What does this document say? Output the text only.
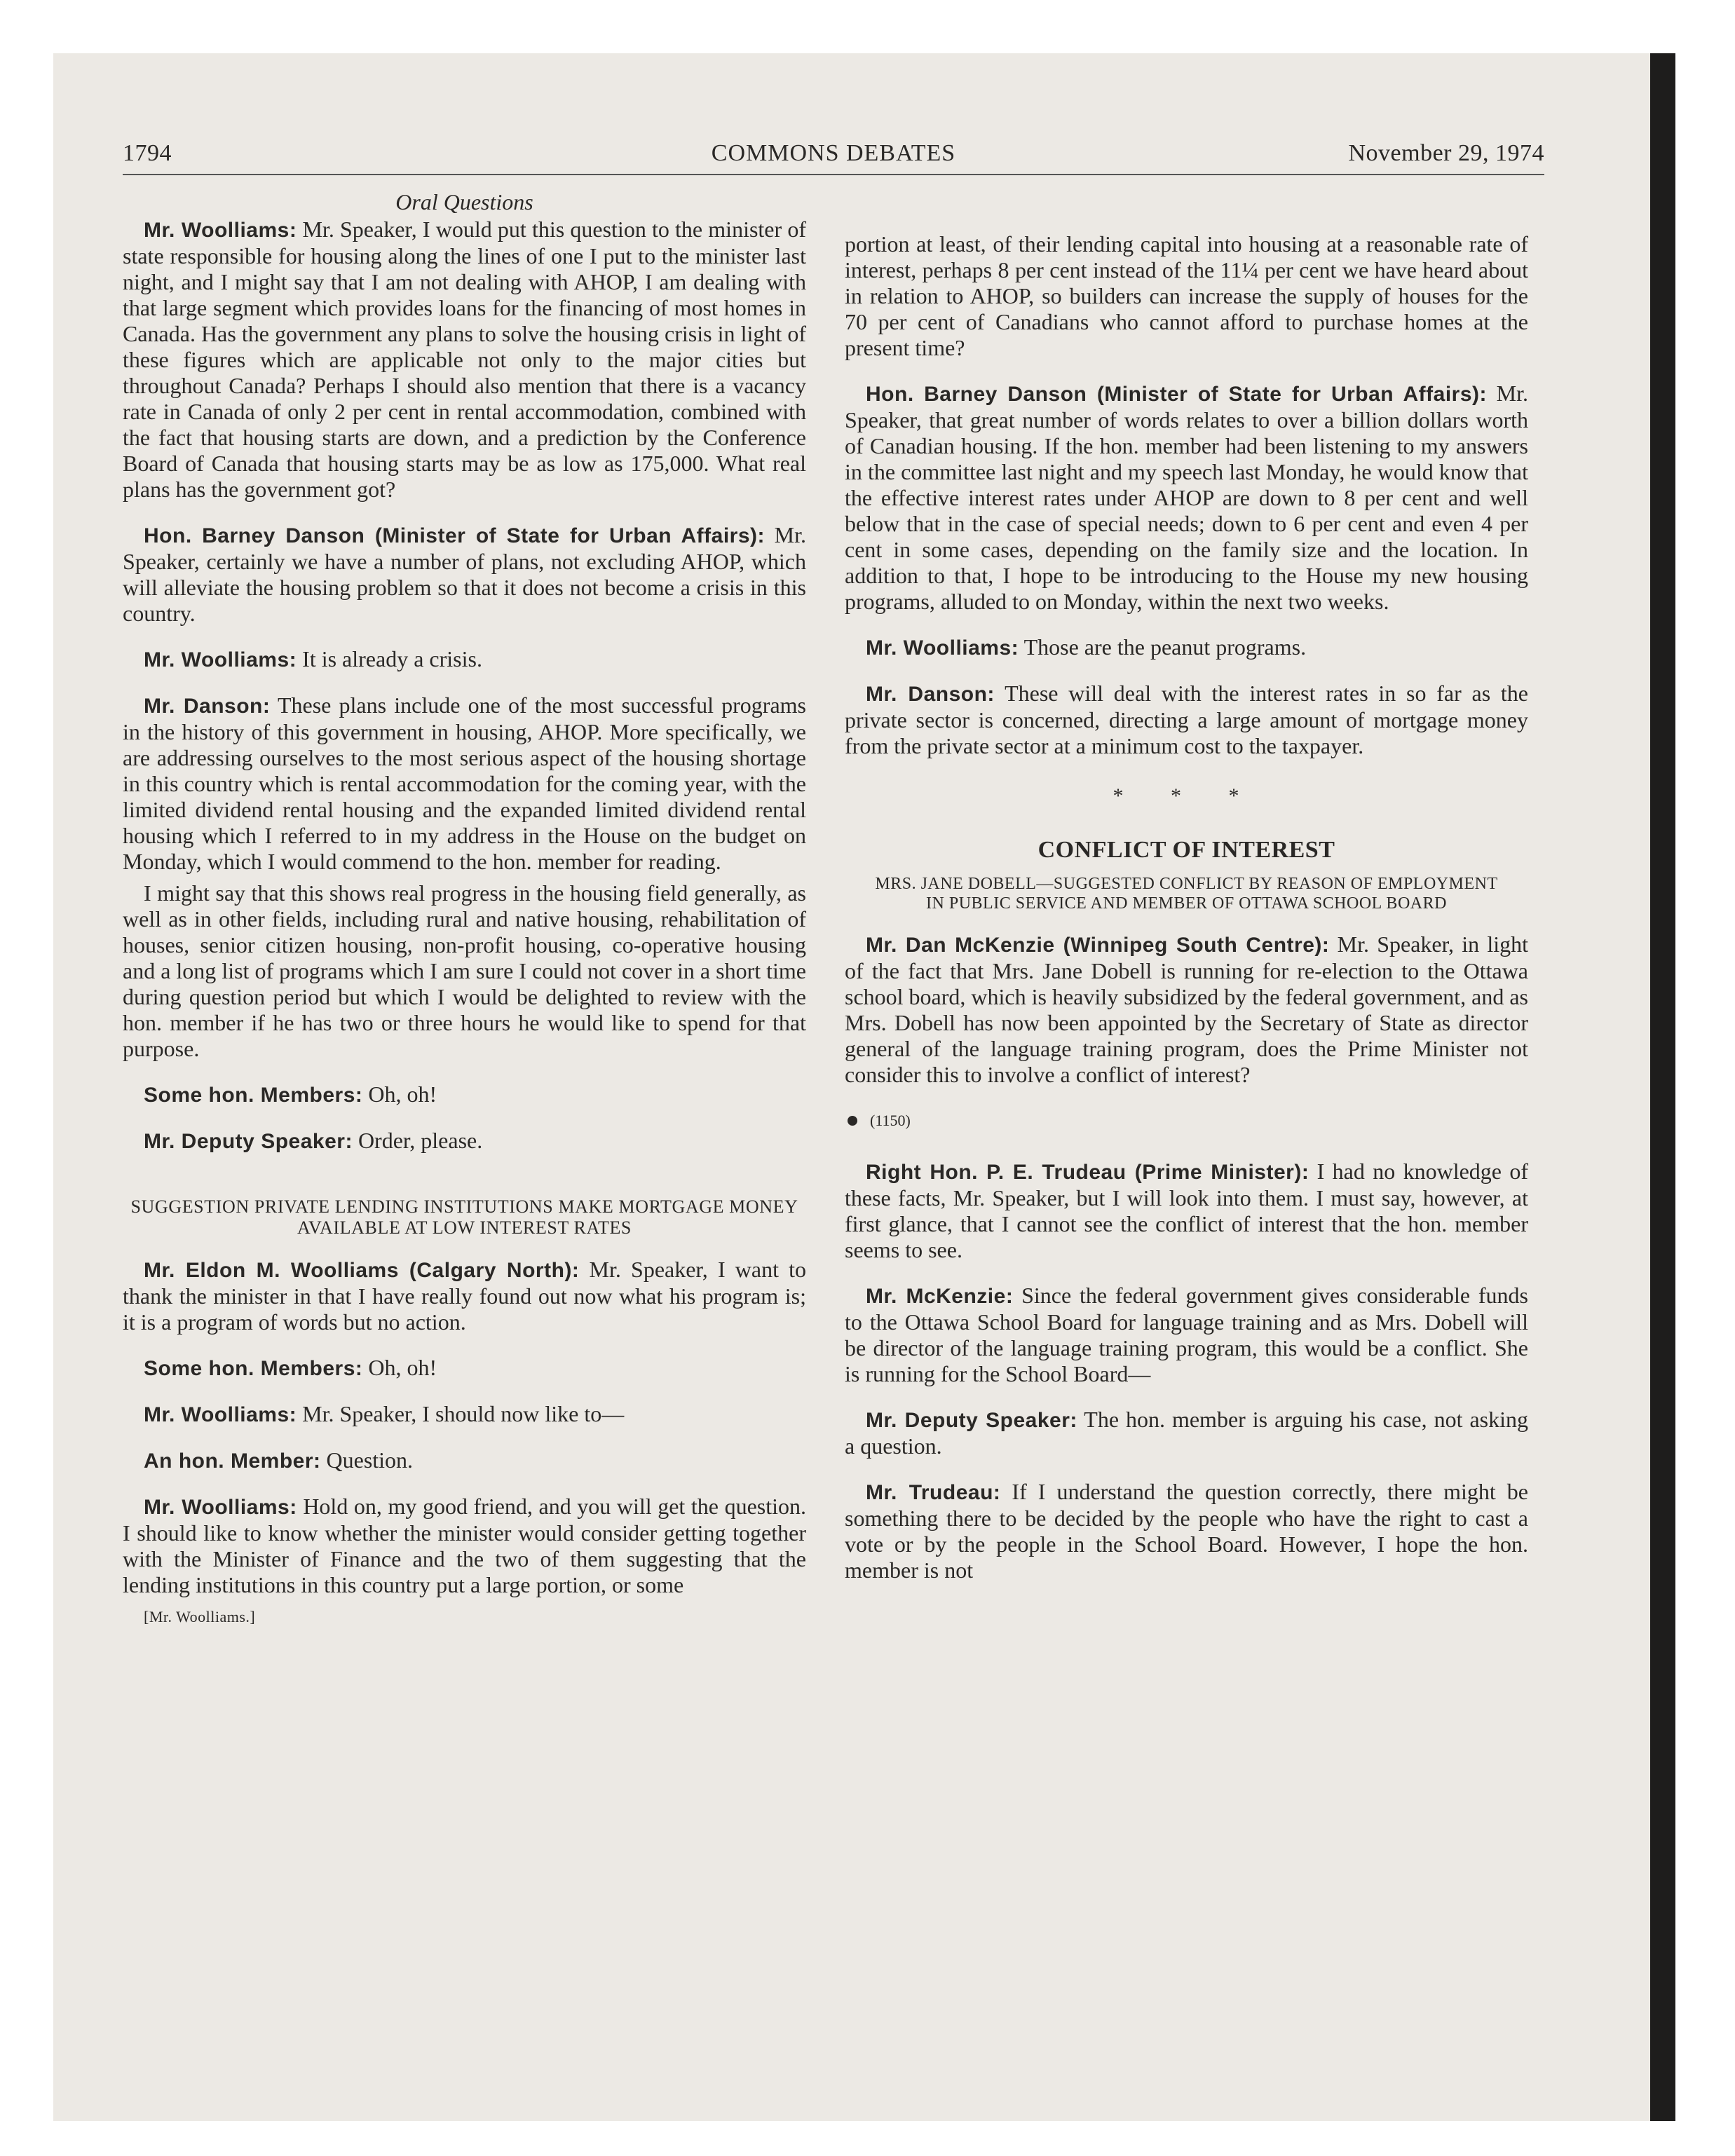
1794	COMMONS DEBATES	November 29, 1974
Oral Questions

Mr. Woolliams: Mr. Speaker, I would put this question to the minister of state responsible for housing along the lines of one I put to the minister last night, and I might say that I am not dealing with AHOP, I am dealing with that large segment which provides loans for the financing of most homes in Canada. Has the government any plans to solve the housing crisis in light of these figures which are applicable not only to the major cities but throughout Canada? Perhaps I should also mention that there is a vacancy rate in Canada of only 2 per cent in rental accommodation, combined with the fact that housing starts are down, and a prediction by the Conference Board of Canada that housing starts may be as low as 175,000. What real plans has the government got?

Hon. Barney Danson (Minister of State for Urban Affairs): Mr. Speaker, certainly we have a number of plans, not excluding AHOP, which will alleviate the housing problem so that it does not become a crisis in this country.

Mr. Woolliams: It is already a crisis.

Mr. Danson: These plans include one of the most successful programs in the history of this government in housing, AHOP. More specifically, we are addressing ourselves to the most serious aspect of the housing shortage in this country which is rental accommodation for the coming year, with the limited dividend rental housing and the expanded limited dividend rental housing which I referred to in my address in the House on the budget on Monday, which I would commend to the hon. member for reading.

I might say that this shows real progress in the housing field generally, as well as in other fields, including rural and native housing, rehabilitation of houses, senior citizen housing, non-profit housing, co-operative housing and a long list of programs which I am sure I could not cover in a short time during question period but which I would be delighted to review with the hon. member if he has two or three hours he would like to spend for that purpose.

Some hon. Members: Oh, oh!

Mr. Deputy Speaker: Order, please.

SUGGESTION PRIVATE LENDING INSTITUTIONS MAKE MORTGAGE MONEY AVAILABLE AT LOW INTEREST RATES

Mr. Eldon M. Woolliams (Calgary North): Mr. Speaker, I want to thank the minister in that I have really found out now what his program is; it is a program of words but no action.

Some hon. Members: Oh, oh!

Mr. Woolliams: Mr. Speaker, I should now like to—

An hon. Member: Question.

Mr. Woolliams: Hold on, my good friend, and you will get the question. I should like to know whether the minister would consider getting together with the Minister of Finance and the two of them suggesting that the lending institutions in this country put a large portion, or some

[Mr. Woolliams.]

portion at least, of their lending capital into housing at a reasonable rate of interest, perhaps 8 per cent instead of the 11¼ per cent we have heard about in relation to AHOP, so builders can increase the supply of houses for the 70 per cent of Canadians who cannot afford to purchase homes at the present time?

Hon. Barney Danson (Minister of State for Urban Affairs): Mr. Speaker, that great number of words relates to over a billion dollars worth of Canadian housing. If the hon. member had been listening to my answers in the committee last night and my speech last Monday, he would know that the effective interest rates under AHOP are down to 8 per cent and well below that in the case of special needs; down to 6 per cent and even 4 per cent in some cases, depending on the family size and the location. In addition to that, I hope to be introducing to the House my new housing programs, alluded to on Monday, within the next two weeks.

Mr. Woolliams: Those are the peanut programs.

Mr. Danson: These will deal with the interest rates in so far as the private sector is concerned, directing a large amount of mortgage money from the private sector at a minimum cost to the taxpayer.

* * *
CONFLICT OF INTEREST
MRS. JANE DOBELL—SUGGESTED CONFLICT BY REASON OF EMPLOYMENT IN PUBLIC SERVICE AND MEMBER OF OTTAWA SCHOOL BOARD

Mr. Dan McKenzie (Winnipeg South Centre): Mr. Speaker, in light of the fact that Mrs. Jane Dobell is running for re-election to the Ottawa school board, which is heavily subsidized by the federal government, and as Mrs. Dobell has now been appointed by the Secretary of State as director general of the language training program, does the Prime Minister not consider this to involve a conflict of interest?

(1150)

Right Hon. P. E. Trudeau (Prime Minister): I had no knowledge of these facts, Mr. Speaker, but I will look into them. I must say, however, at first glance, that I cannot see the conflict of interest that the hon. member seems to see.

Mr. McKenzie: Since the federal government gives considerable funds to the Ottawa School Board for language training and as Mrs. Dobell will be director of the language training program, this would be a conflict. She is running for the School Board—

Mr. Deputy Speaker: The hon. member is arguing his case, not asking a question.

Mr. Trudeau: If I understand the question correctly, there might be something there to be decided by the people who have the right to cast a vote or by the people in the School Board. However, I hope the hon. member is not
